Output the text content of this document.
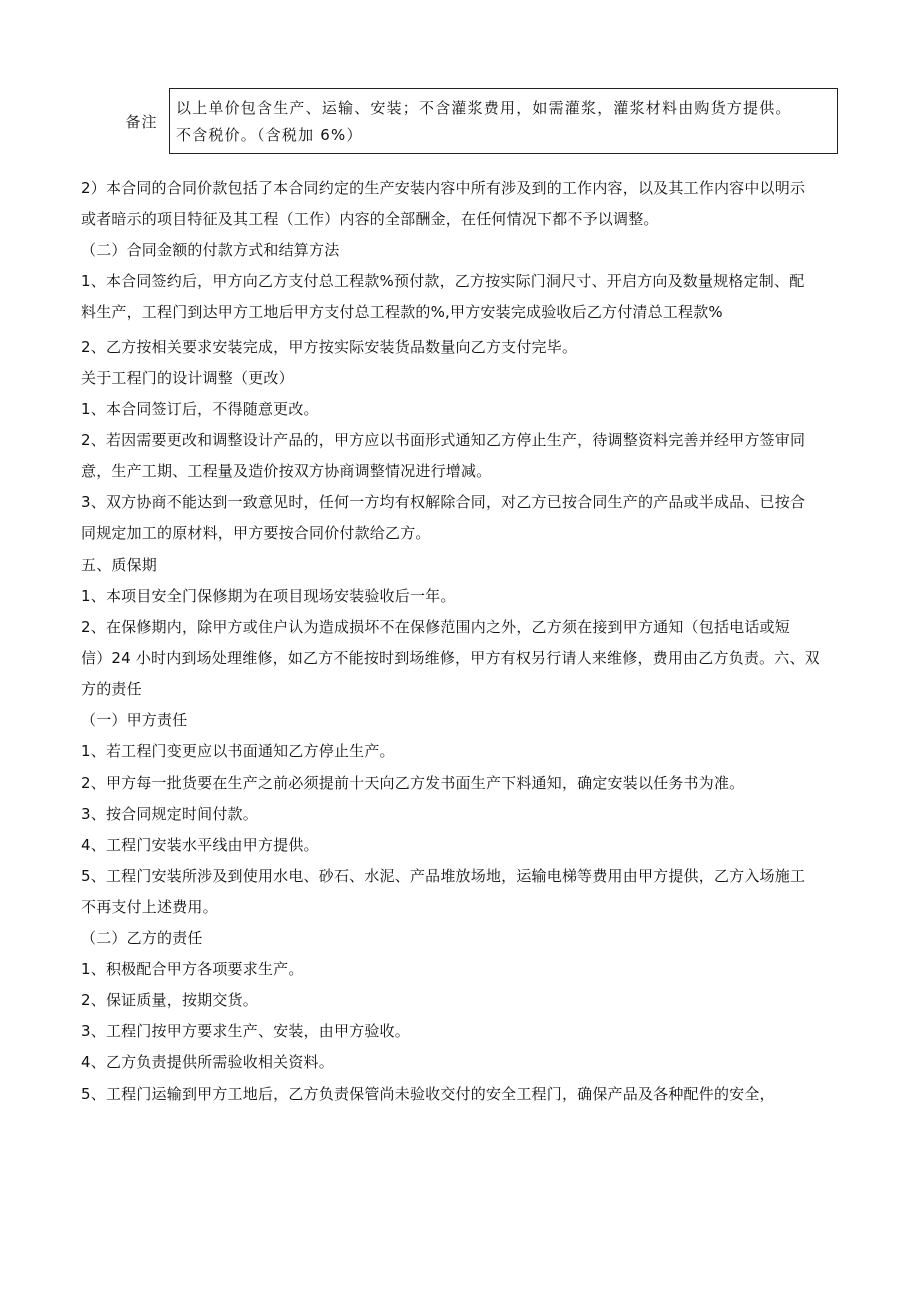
备注
以上单价包含生产、运输、安装；不含灌浆费用，如需灌浆，灌浆材料由购货方提供。
不含税价。（含税加 6%）
2）本合同的合同价款包括了本合同约定的生产安装内容中所有涉及到的工作内容，以及其工作内容中以明示
或者暗示的项目特征及其工程（工作）内容的全部酬金，在任何情况下都不予以调整。
（二）合同金额的付款方式和结算方法
1、本合同签约后，甲方向乙方支付总工程款%预付款，乙方按实际门洞尺寸、开启方向及数量规格定制、配
料生产，工程门到达甲方工地后甲方支付总工程款的%,甲方安装完成验收后乙方付清总工程款%
2、乙方按相关要求安装完成，甲方按实际安装货品数量向乙方支付完毕。
关于工程门的设计调整（更改）
1、本合同签订后，不得随意更改。
2、若因需要更改和调整设计产品的，甲方应以书面形式通知乙方停止生产，待调整资料完善并经甲方签审同
意，生产工期、工程量及造价按双方协商调整情况进行增减。
3、双方协商不能达到一致意见时，任何一方均有权解除合同，对乙方已按合同生产的产品或半成品、已按合
同规定加工的原材料，甲方要按合同价付款给乙方。
五、质保期
1、本项目安全门保修期为在项目现场安装验收后一年。
2、在保修期内，除甲方或住户认为造成损坏不在保修范围内之外，乙方须在接到甲方通知（包括电话或短
信）24 小时内到场处理维修，如乙方不能按时到场维修，甲方有权另行请人来维修，费用由乙方负责。六、双
方的责任
（一）甲方责任
1、若工程门变更应以书面通知乙方停止生产。
2、甲方每一批货要在生产之前必须提前十天向乙方发书面生产下料通知，确定安装以任务书为准。
3、按合同规定时间付款。
4、工程门安装水平线由甲方提供。
5、工程门安装所涉及到使用水电、砂石、水泥、产品堆放场地，运输电梯等费用由甲方提供，乙方入场施工
不再支付上述费用。
（二）乙方的责任
1、积极配合甲方各项要求生产。
2、保证质量，按期交货。
3、工程门按甲方要求生产、安装，由甲方验收。
4、乙方负责提供所需验收相关资料。
5、工程门运输到甲方工地后，乙方负责保管尚未验收交付的安全工程门，确保产品及各种配件的安全，
